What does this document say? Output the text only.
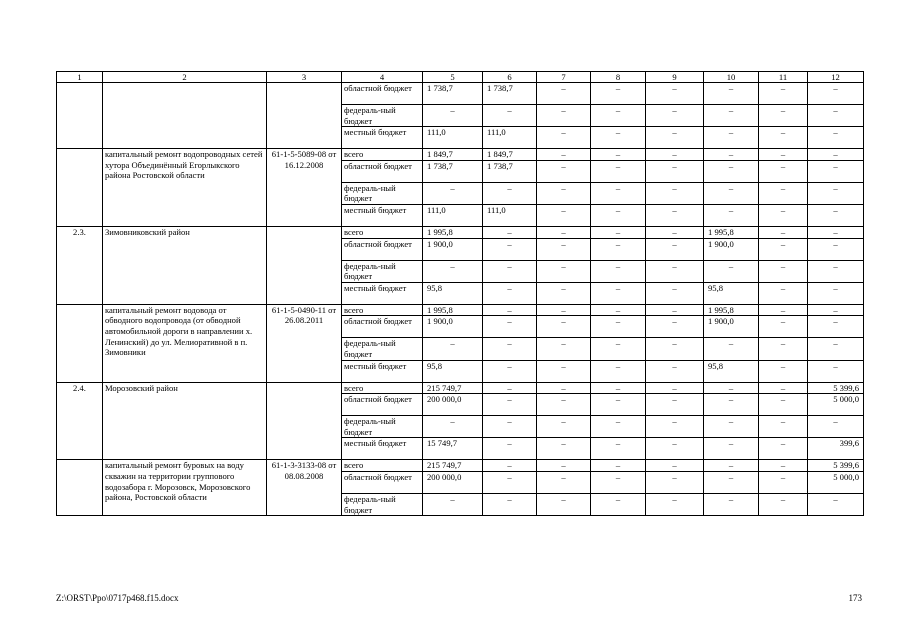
1	2	3	4	5	6	7	8	9	10	11	12
			областной бюджет	1 738,7	1 738,7	–	–	–	–	–	–
			федераль-ный бюджет	–	–	–	–	–	–	–	–
			местный бюджет	111,0	111,0	–	–	–	–	–	–
	капитальный ремонт водопроводных сетей хутора Объединённый Егорлыкского района Ростовской области	61-1-5-5089-08 от 16.12.2008	всего	1 849,7	1 849,7	–	–	–	–	–	–
			областной бюджет	1 738,7	1 738,7	–	–	–	–	–	–
			федераль-ный бюджет	–	–	–	–	–	–	–	–
			местный бюджет	111,0	111,0	–	–	–	–	–	–
2.3.	Зимовниковский район		всего	1 995,8	–	–	–	–	1 995,8	–	–
			областной бюджет	1 900,0	–	–	–	–	1 900,0	–	–
			федераль-ный бюджет	–	–	–	–	–	–	–	–
			местный бюджет	95,8	–	–	–	–	95,8	–	–
	капитальный ремонт водовода от обводного водопровода (от обводной автомобильной дороги в направлении х. Ленинский) до ул. Мелиоративной в п. Зимовники	61-1-5-0490-11 от 26.08.2011	всего	1 995,8	–	–	–	–	1 995,8	–	–
			областной бюджет	1 900,0	–	–	–	–	1 900,0	–	–
			федераль-ный бюджет	–	–	–	–	–	–	–	–
			местный бюджет	95,8	–	–	–	–	95,8	–	–
2.4.	Морозовский район		всего	215 749,7	–	–	–	–	–	–	5 399,6
			областной бюджет	200 000,0	–	–	–	–	–	–	5 000,0
			федераль-ный бюджет	–	–	–	–	–	–	–	–
			местный бюджет	15 749,7	–	–	–	–	–	–	399,6
	капитальный ремонт буровых на воду скважин на территории группового водозабора г. Морозовск, Морозовского района, Ростовской области	61-1-3-3133-08 от 08.08.2008	всего	215 749,7	–	–	–	–	–	–	5 399,6
			областной бюджет	200 000,0	–	–	–	–	–	–	5 000,0
			федераль-ный бюджет	–	–	–	–	–	–	–	–
Z:\ORST\Ppo\0717p468.f15.docx	173
